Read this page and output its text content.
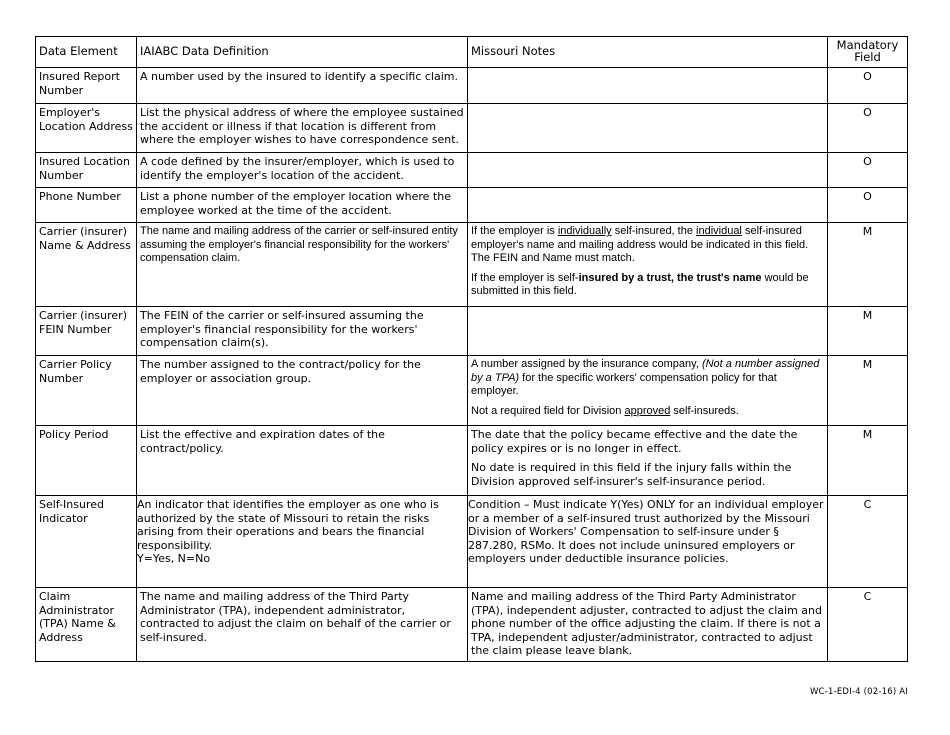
Data Element	IAIABC Data Definition	Missouri Notes	Mandatory
Field
Insured Report Number	A number used by the insured to identify a specific claim.		O
Employer's Location Address	List the physical address of where the employee sustained the accident or illness if that location is different from where the employer wishes to have correspondence sent.		O
Insured Location Number	A code defined by the insurer/employer, which is used to identify the employer's location of the accident.		O
Phone Number	List a phone number of the employer location where the employee worked at the time of the accident.		O
Carrier (insurer) Name & Address	The name and mailing address of the carrier or self-insured entity assuming the employer's financial responsibility for the workers' compensation claim.	If the employer is individually self-insured, the individual self-insured employer's name and mailing address would be indicated in this field. The FEIN and Name must match.

If the employer is self-insured by a trust, the trust's name would be submitted in this field.	M
Carrier (insurer) FEIN Number	The FEIN of the carrier or self-insured assuming the employer's financial responsibility for the workers' compensation claim(s).		M
Carrier Policy Number	The number assigned to the contract/policy for the employer or association group.	A number assigned by the insurance company, (Not a number assigned by a TPA) for the specific workers' compensation policy for that employer.

Not a required field for Division approved self-insureds.	M
Policy Period	List the effective and expiration dates of the contract/policy.	The date that the policy became effective and the date the policy expires or is no longer in effect.

No date is required in this field if the injury falls within the Division approved self-insurer's self-insurance period.	M
Self-Insured Indicator	An indicator that identifies the employer as one who is authorized by the state of Missouri to retain the risks arising from their operations and bears the financial responsibility.
Y=Yes, N=No	Condition – Must indicate Y(Yes) ONLY for an individual employer or a member of a self-insured trust authorized by the Missouri Division of Workers' Compensation to self-insure under § 287.280, RSMo. It does not include uninsured employers or employers under deductible insurance policies.	C
Claim Administrator (TPA) Name & Address	The name and mailing address of the Third Party Administrator (TPA), independent administrator, contracted to adjust the claim on behalf of the carrier or self-insured.	Name and mailing address of the Third Party Administrator (TPA), independent adjuster, contracted to adjust the claim and phone number of the office adjusting the claim. If there is not a TPA, independent adjuster/administrator, contracted to adjust the claim please leave blank.	C
WC-1-EDI-4 (02-16) AI
